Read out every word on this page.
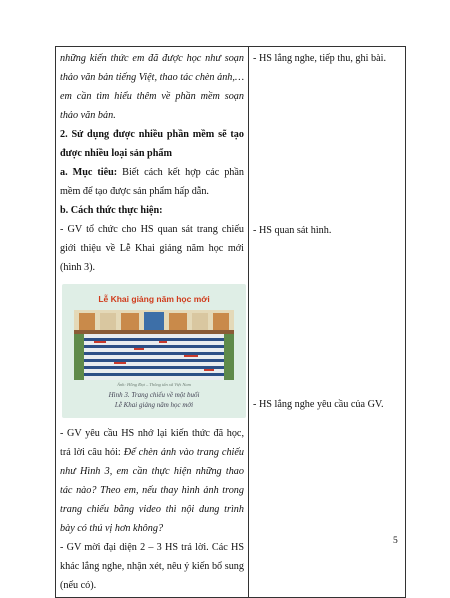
những kiến thức em đã được học như soạn thảo văn bản tiếng Việt, thao tác chèn ảnh,… em cần tìm hiểu thêm về phần mềm soạn thảo văn bản.

2. Sử dụng được nhiều phần mềm sẽ tạo được nhiều loại sản phẩm

a. Mục tiêu: Biết cách kết hợp các phần mềm để tạo được sản phẩm hấp dẫn.

b. Cách thức thực hiện:

- GV tổ chức cho HS quan sát trang chiếu giới thiệu về Lễ Khai giảng năm học mới (hình 3).

Lễ Khai giảng năm học mới
Ảnh: Hồng Đạt – Thông tấn xã Việt Nam
Hình 3. Trang chiếu về một buổi
Lễ Khai giảng năm học mới

- GV yêu cầu HS nhớ lại kiến thức đã học, trả lời câu hỏi: Để chèn ảnh vào trang chiếu như Hình 3, em cần thực hiện những thao tác nào? Theo em, nếu thay hình ảnh trong trang chiếu bằng video thì nội dung trình bày có thú vị hơn không?

- GV mời đại diện 2 – 3 HS trả lời. Các HS khác lắng nghe, nhận xét, nêu ý kiến bổ sung (nếu có).

- HS lắng nghe, tiếp thu, ghi bài.
- HS quan sát hình.
- HS lắng nghe yêu cầu của GV.
5
